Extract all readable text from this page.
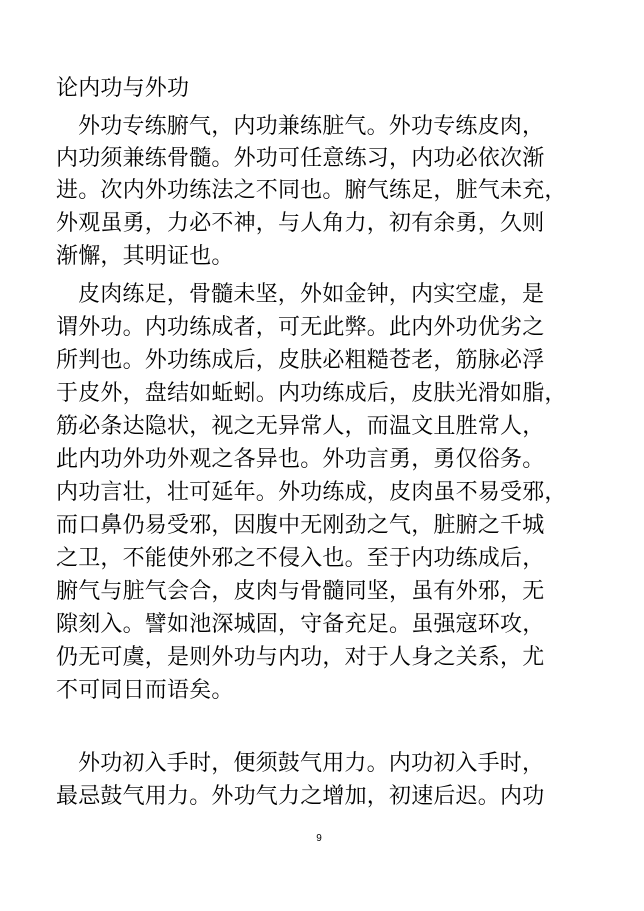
论内功与外功
外功专练腑气，内功兼练脏气。外功专练皮肉，
内功须兼练骨髓。外功可任意练习，内功必依次渐
进。次内外功练法之不同也。腑气练足，脏气未充，
外观虽勇，力必不神，与人角力，初有余勇，久则
渐懈，其明证也。
皮肉练足，骨髓未坚，外如金钟，内实空虚，是
谓外功。内功练成者，可无此弊。此内外功优劣之
所判也。外功练成后，皮肤必粗糙苍老，筋脉必浮
于皮外，盘结如蚯蚓。内功练成后，皮肤光滑如脂，
筋必条达隐状，视之无异常人，而温文且胜常人，
此内功外功外观之各异也。外功言勇，勇仅俗务。
内功言壮，壮可延年。外功练成，皮肉虽不易受邪，
而口鼻仍易受邪，因腹中无刚劲之气，脏腑之千城
之卫，不能使外邪之不侵入也。至于内功练成后，
腑气与脏气会合，皮肉与骨髓同坚，虽有外邪，无
隙刻入。譬如池深城固，守备充足。虽强寇环攻，
仍无可虞，是则外功与内功，对于人身之关系，尤
不可同日而语矣。
外功初入手时，便须鼓气用力。内功初入手时，
最忌鼓气用力。外功气力之增加，初速后迟。内功
9
